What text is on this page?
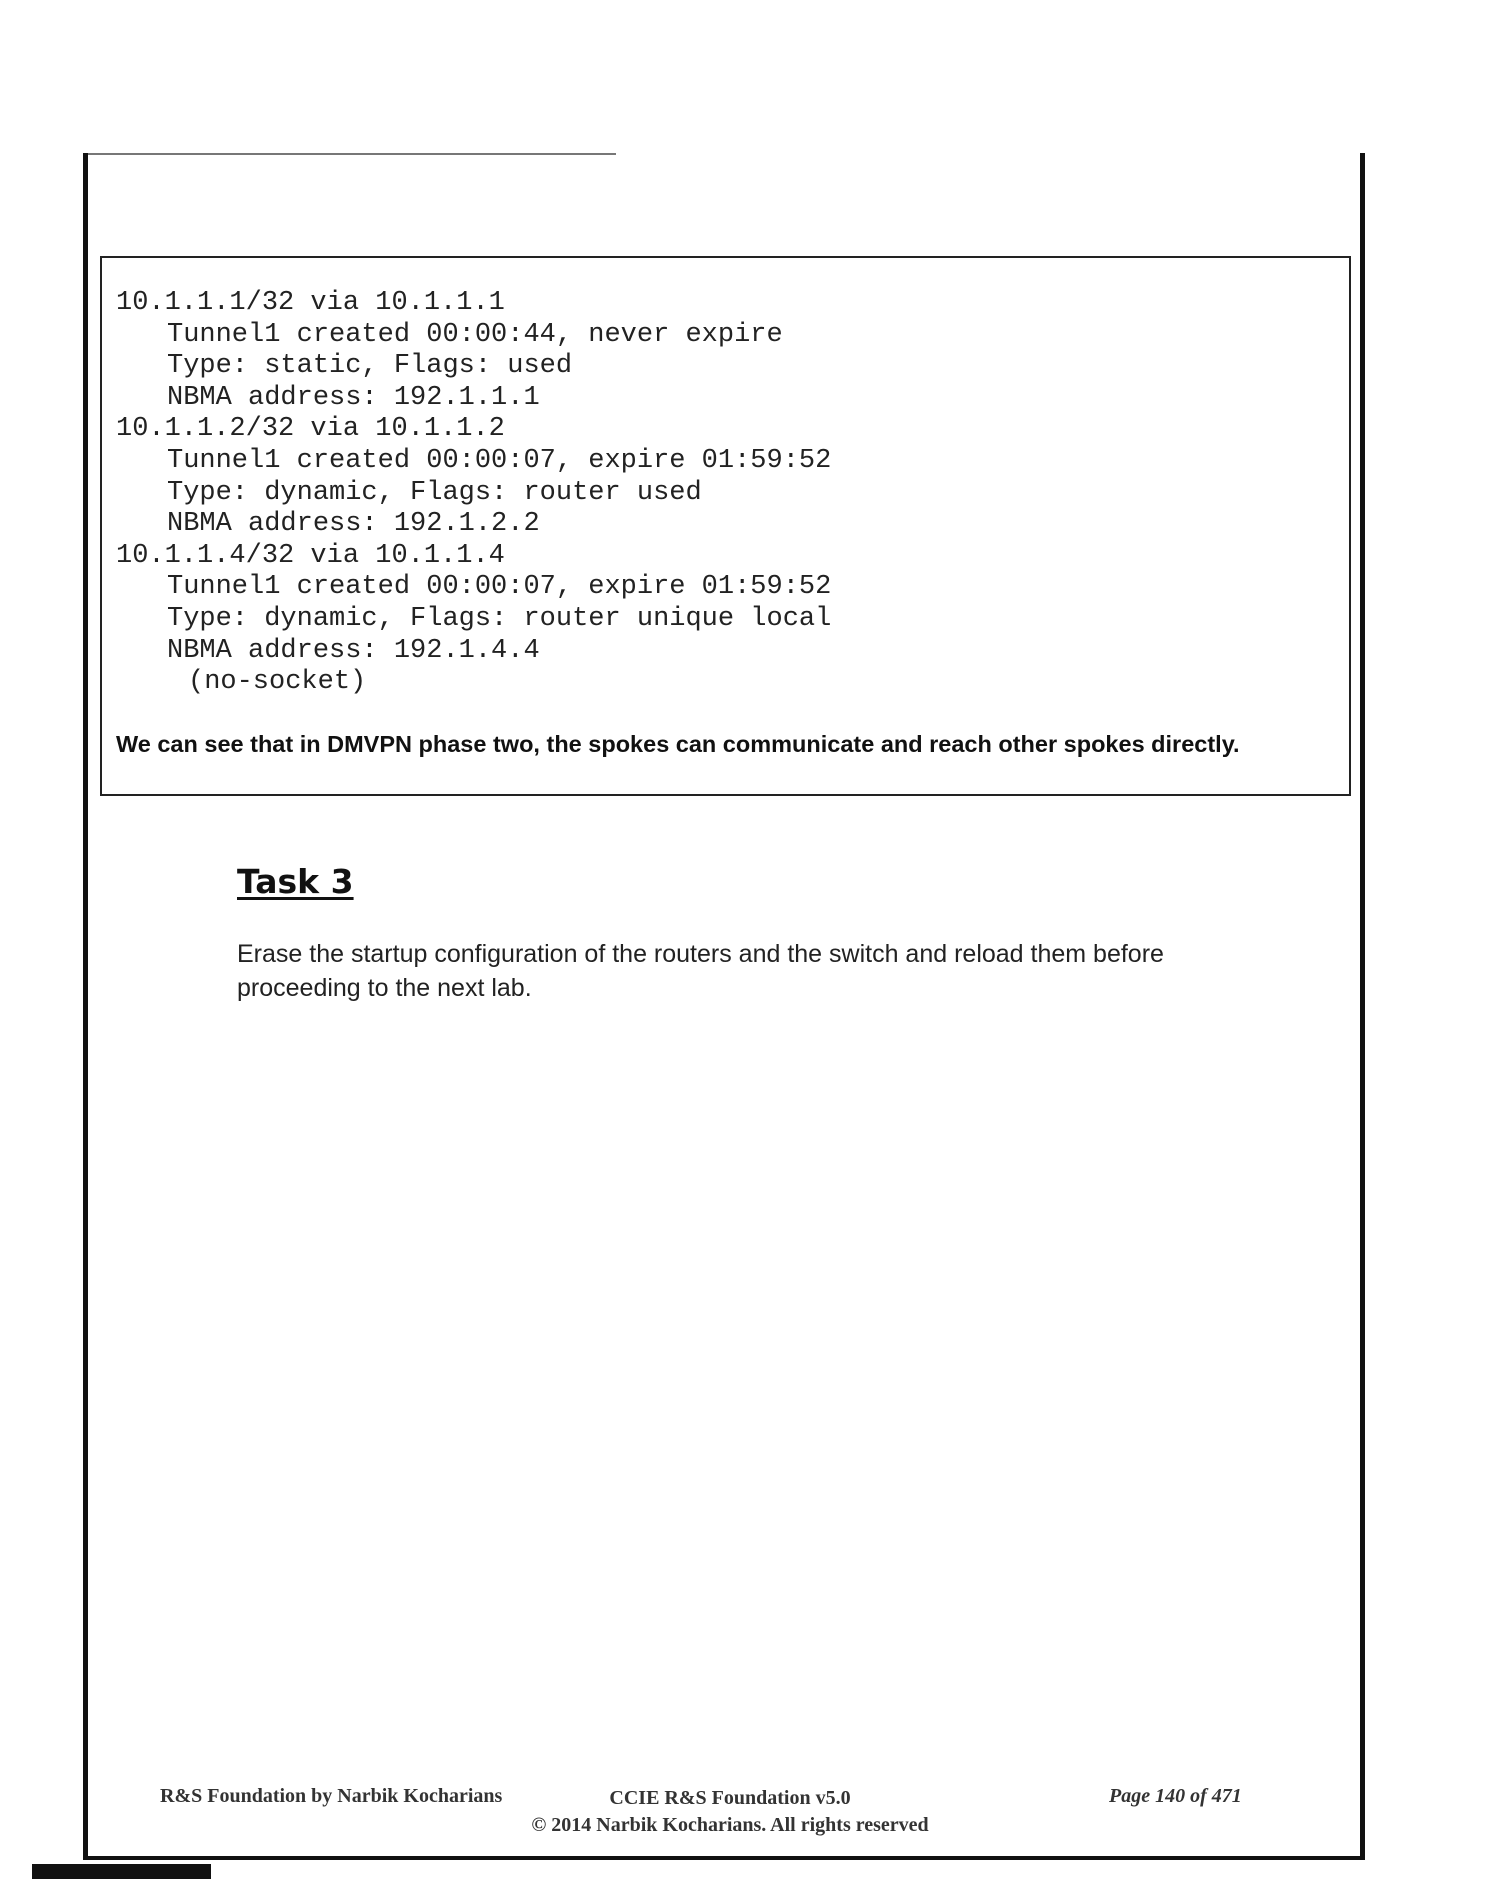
10.1.1.1/32 via 10.1.1.1
Tunnel1 created 00:00:44, never expire
Type: static, Flags: used
NBMA address: 192.1.1.1
10.1.1.2/32 via 10.1.1.2
Tunnel1 created 00:00:07, expire 01:59:52
Type: dynamic, Flags: router used
NBMA address: 192.1.2.2
10.1.1.4/32 via 10.1.1.4
Tunnel1 created 00:00:07, expire 01:59:52
Type: dynamic, Flags: router unique local
NBMA address: 192.1.4.4
(no-socket)
We can see that in DMVPN phase two, the spokes can communicate and reach other spokes directly.
Task 3
Erase the startup configuration of the routers and the switch and reload them before proceeding to the next lab.
R&S Foundation by Narbik Kocharians	CCIE R&S Foundation v5.0
© 2014 Narbik Kocharians. All rights reserved
Page 140 of 471
